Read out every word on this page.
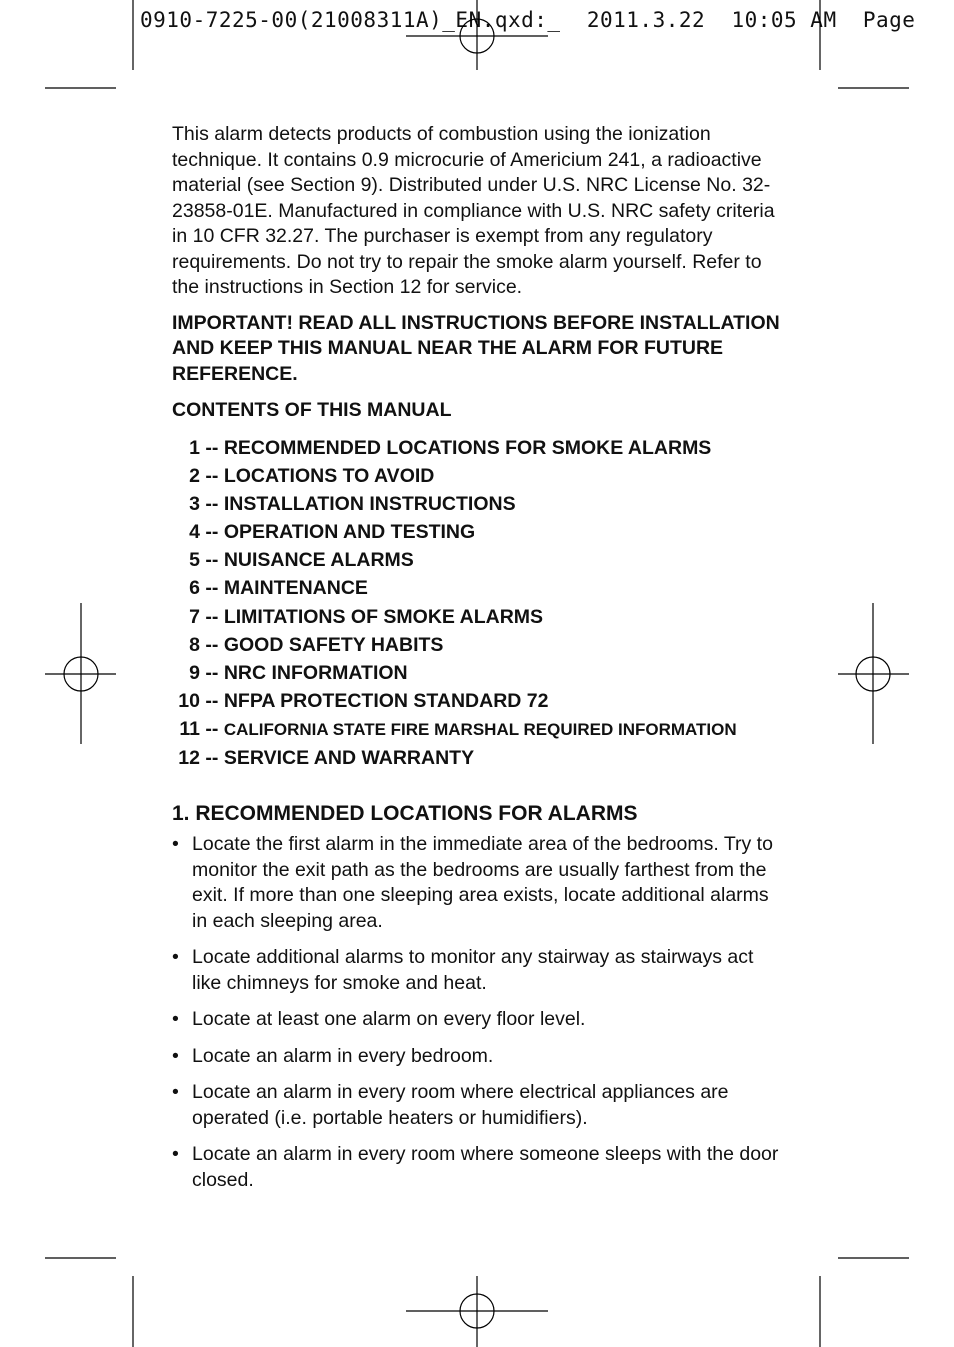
0910-7225-00(21008311A)_EN.qxd:_  2011.3.22  10:05 AM  Page

This alarm detects products of combustion using the ionization technique. It contains 0.9 microcurie of Americium 241, a radioactive material (see Section 9). Distributed under U.S. NRC License No. 32-23858-01E. Manufactured in compliance with U.S. NRC safety criteria in 10 CFR 32.27. The purchaser is exempt from any regulatory requirements. Do not try to repair the smoke alarm yourself. Refer to the instructions in Section 12 for service.

IMPORTANT! READ ALL INSTRUCTIONS BEFORE INSTALLATION AND KEEP THIS MANUAL NEAR THE ALARM FOR FUTURE REFERENCE.

CONTENTS OF THIS MANUAL

1 -- RECOMMENDED LOCATIONS FOR SMOKE ALARMS
2 -- LOCATIONS TO AVOID
3 -- INSTALLATION INSTRUCTIONS
4 -- OPERATION AND TESTING
5 -- NUISANCE ALARMS
6 -- MAINTENANCE
7 -- LIMITATIONS OF SMOKE ALARMS
8 -- GOOD SAFETY HABITS
9 -- NRC INFORMATION
10 -- NFPA PROTECTION STANDARD 72
11 -- CALIFORNIA STATE FIRE MARSHAL REQUIRED INFORMATION
12 -- SERVICE AND WARRANTY
1. RECOMMENDED LOCATIONS FOR ALARMS
• Locate the first alarm in the immediate area of the bedrooms. Try to monitor the exit path as the bedrooms are usually farthest from the exit. If more than one sleeping area exists, locate additional alarms in each sleeping area.
• Locate additional alarms to monitor any stairway as stairways act like chimneys for smoke and heat.
• Locate at least one alarm on every floor level.
• Locate an alarm in every bedroom.
• Locate an alarm in every room where electrical appliances are operated (i.e. portable heaters or humidifiers).
• Locate an alarm in every room where someone sleeps with the door closed.
